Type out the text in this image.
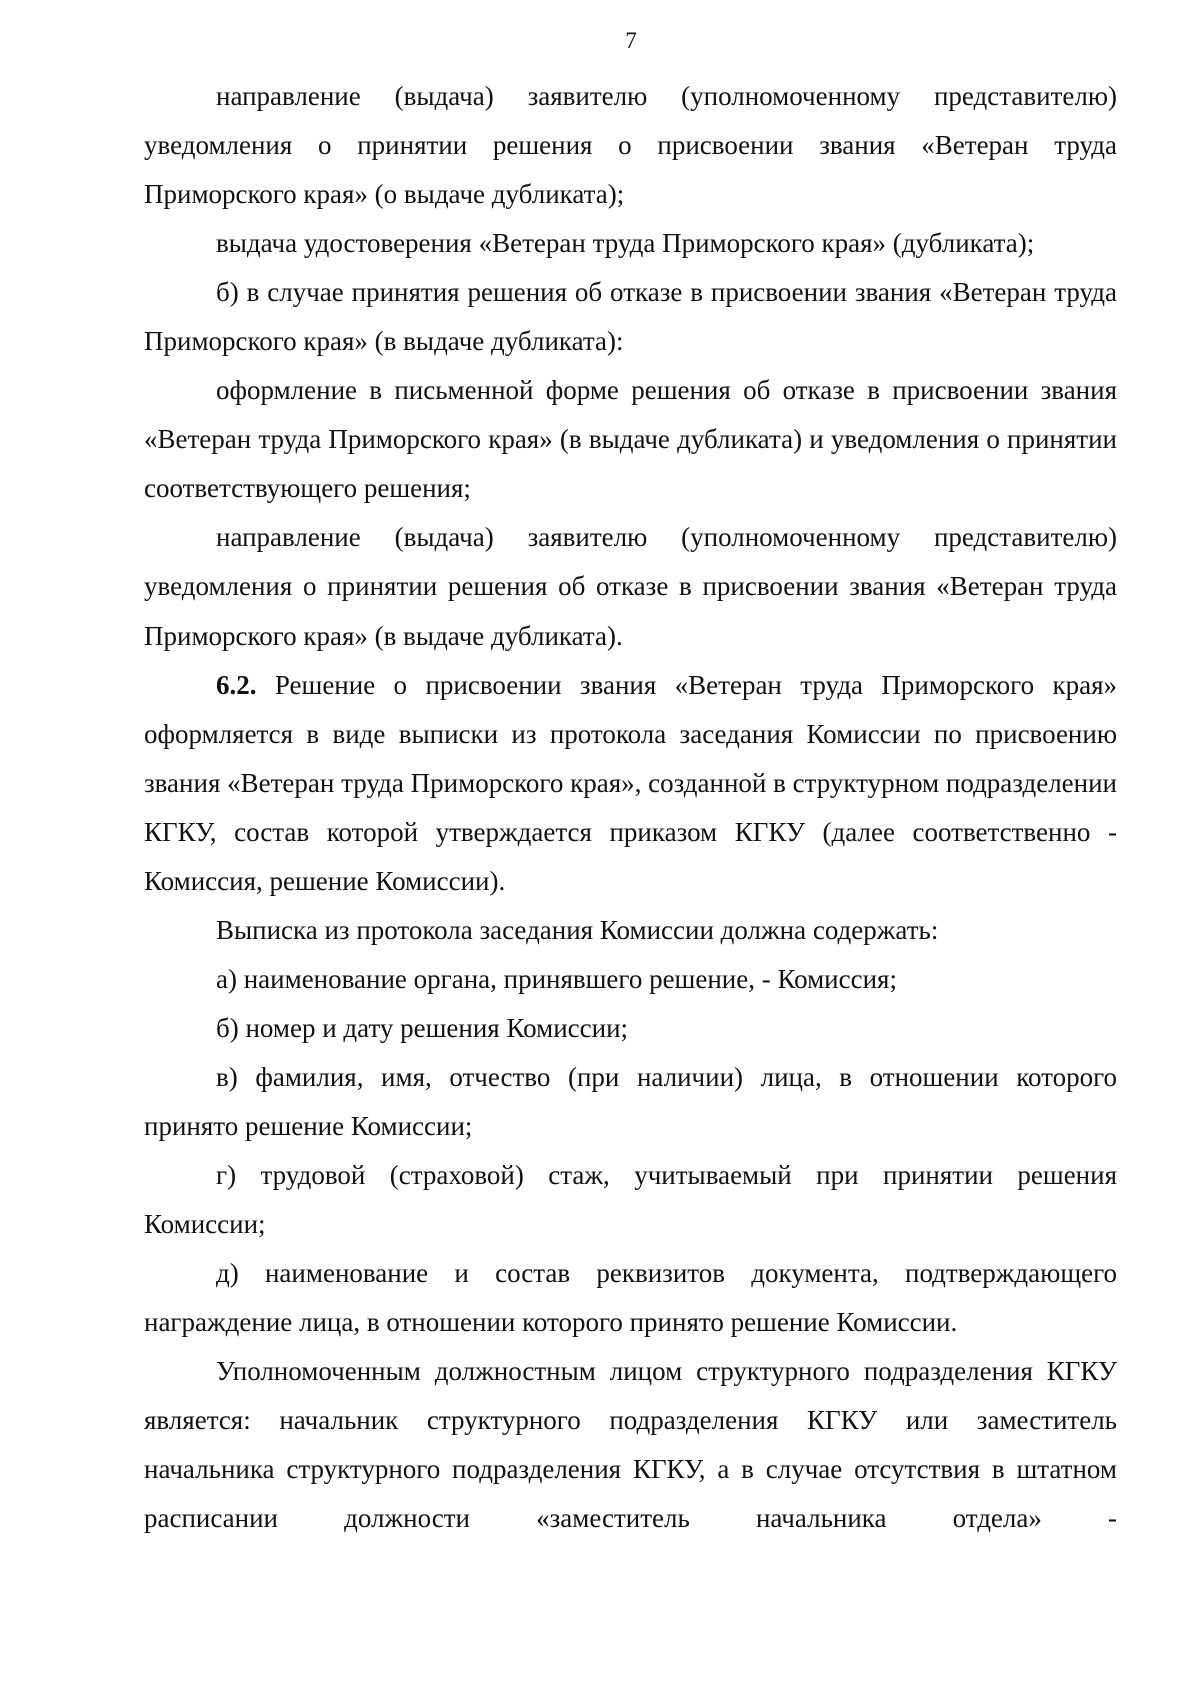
7

направление (выдача) заявителю (уполномоченному представителю) уведомления о принятии решения о присвоении звания «Ветеран труда Приморского края» (о выдаче дубликата);

выдача удостоверения «Ветеран труда Приморского края» (дубликата);

б) в случае принятия решения об отказе в присвоении звания «Ветеран труда Приморского края» (в выдаче дубликата):

оформление в письменной форме решения об отказе в присвоении звания «Ветеран труда Приморского края» (в выдаче дубликата) и уведомления о принятии соответствующего решения;

направление (выдача) заявителю (уполномоченному представителю) уведомления о принятии решения об отказе в присвоении звания «Ветеран труда Приморского края» (в выдаче дубликата).

6.2. Решение о присвоении звания «Ветеран труда Приморского края» оформляется в виде выписки из протокола заседания Комиссии по присвоению звания «Ветеран труда Приморского края», созданной в структурном подразделении КГКУ, состав которой утверждается приказом КГКУ (далее соответственно - Комиссия, решение Комиссии).

Выписка из протокола заседания Комиссии должна содержать:

а) наименование органа, принявшего решение, - Комиссия;

б) номер и дату решения Комиссии;

в) фамилия, имя, отчество (при наличии) лица, в отношении которого принято решение Комиссии;

г) трудовой (страховой) стаж, учитываемый при принятии решения Комиссии;

д) наименование и состав реквизитов документа, подтверждающего награждение лица, в отношении которого принято решение Комиссии.

Уполномоченным должностным лицом структурного подразделения КГКУ является: начальник структурного подразделения КГКУ или заместитель начальника структурного подразделения КГКУ, а в случае отсутствия в штатном расписании должности «заместитель начальника отдела» -
